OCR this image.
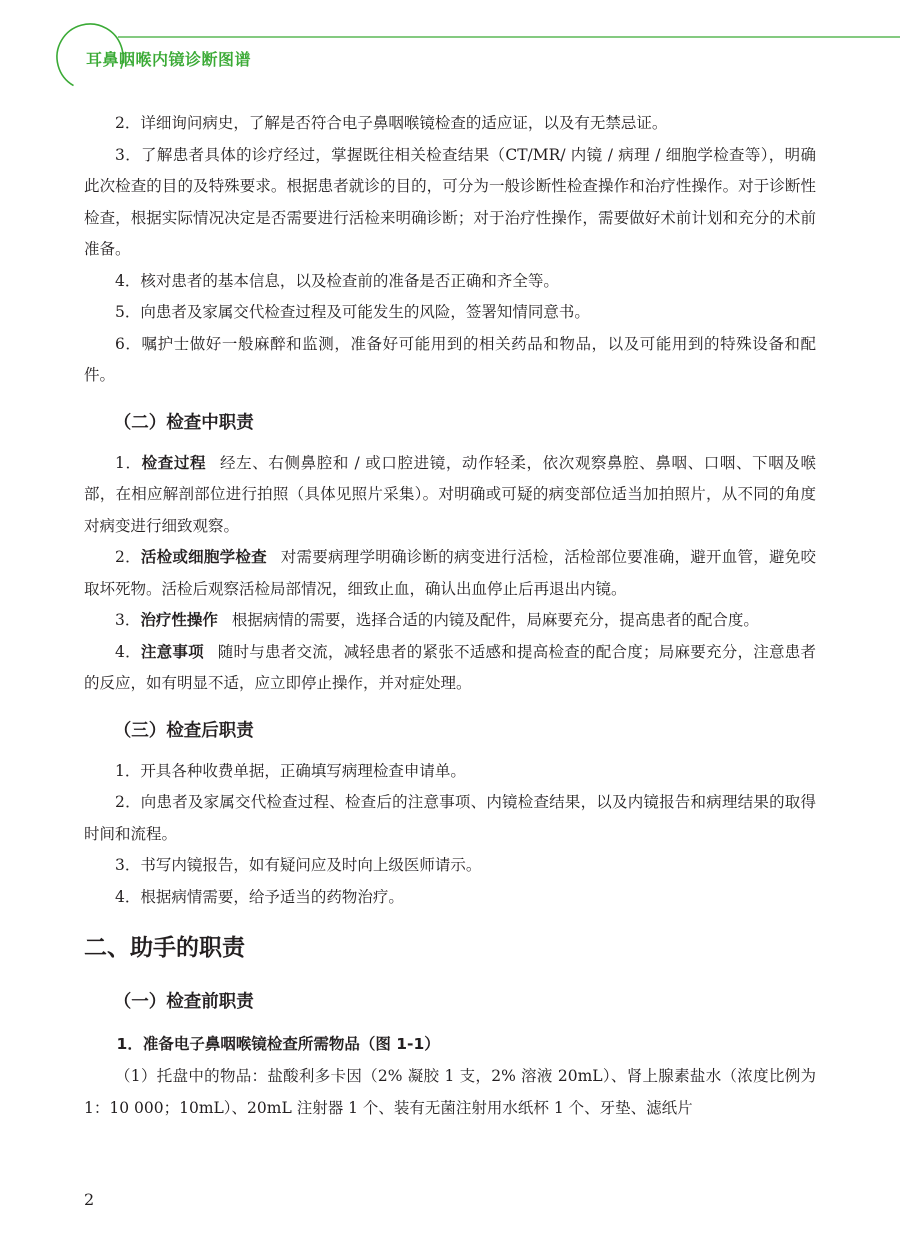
耳鼻咽喉内镜诊断图谱

2．详细询问病史，了解是否符合电子鼻咽喉镜检查的适应证，以及有无禁忌证。

3．了解患者具体的诊疗经过，掌握既往相关检查结果（CT/MR/ 内镜 / 病理 / 细胞学检查等），明确此次检查的目的及特殊要求。根据患者就诊的目的，可分为一般诊断性检查操作和治疗性操作。对于诊断性检查，根据实际情况决定是否需要进行活检来明确诊断；对于治疗性操作，需要做好术前计划和充分的术前准备。

4．核对患者的基本信息，以及检查前的准备是否正确和齐全等。

5．向患者及家属交代检查过程及可能发生的风险，签署知情同意书。

6．嘱护士做好一般麻醉和监测，准备好可能用到的相关药品和物品，以及可能用到的特殊设备和配件。

（二）检查中职责

1．检查过程 经左、右侧鼻腔和 / 或口腔进镜，动作轻柔，依次观察鼻腔、鼻咽、口咽、下咽及喉部，在相应解剖部位进行拍照（具体见照片采集）。对明确或可疑的病变部位适当加拍照片，从不同的角度对病变进行细致观察。

2．活检或细胞学检查 对需要病理学明确诊断的病变进行活检，活检部位要准确，避开血管，避免咬取坏死物。活检后观察活检局部情况，细致止血，确认出血停止后再退出内镜。

3．治疗性操作 根据病情的需要，选择合适的内镜及配件，局麻要充分，提高患者的配合度。

4．注意事项 随时与患者交流，减轻患者的紧张不适感和提高检查的配合度；局麻要充分，注意患者的反应，如有明显不适，应立即停止操作，并对症处理。

（三）检查后职责

1．开具各种收费单据，正确填写病理检查申请单。

2．向患者及家属交代检查过程、检查后的注意事项、内镜检查结果，以及内镜报告和病理结果的取得时间和流程。

3．书写内镜报告，如有疑问应及时向上级医师请示。

4．根据病情需要，给予适当的药物治疗。

二、助手的职责
（一）检查前职责

1．准备电子鼻咽喉镜检查所需物品（图 1-1）

（1）托盘中的物品：盐酸利多卡因（2% 凝胶 1 支，2% 溶液 20mL）、肾上腺素盐水（浓度比例为 1：10 000；10mL）、20mL 注射器 1 个、装有无菌注射用水纸杯 1 个、牙垫、滤纸片

2
